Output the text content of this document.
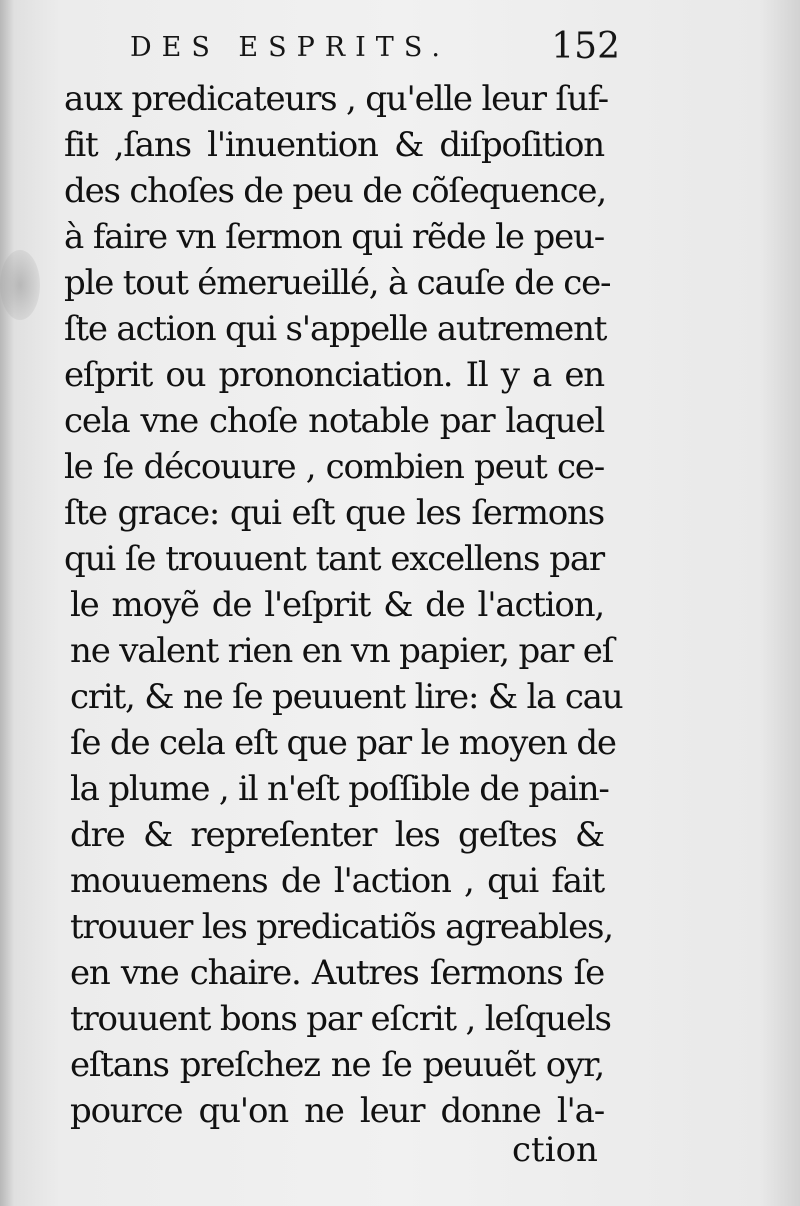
DES ESPRITS.	152
aux predicateurs , qu'elle leur ſuf-
fit ,ſans l'inuention & diſpoſition
des choſes de peu de cõſequence,
à faire vn ſermon qui rẽde le peu-
ple tout émerueillé, à cauſe de ce-
ſte action qui s'appelle autrement
eſprit ou prononciation. Il y a en
cela vne choſe notable par laquel
le ſe découure , combien peut ce-
ſte grace: qui eſt que les ſermons
qui ſe trouuent tant excellens par
le moyẽ de l'eſprit & de l'action,
ne valent rien en vn papier, par eſ
crit, & ne ſe peuuent lire: & la cau
ſe de cela eſt que par le moyen de
la plume , il n'eſt poſſible de pain-
dre & repreſenter les geſtes &
mouuemens de l'action , qui fait
trouuer les predicatiõs agreables,
en vne chaire. Autres ſermons ſe
trouuent bons par eſcrit , leſquels
eſtans preſchez ne ſe peuuẽt oyr,
pource qu'on ne leur donne l'a-
ction
